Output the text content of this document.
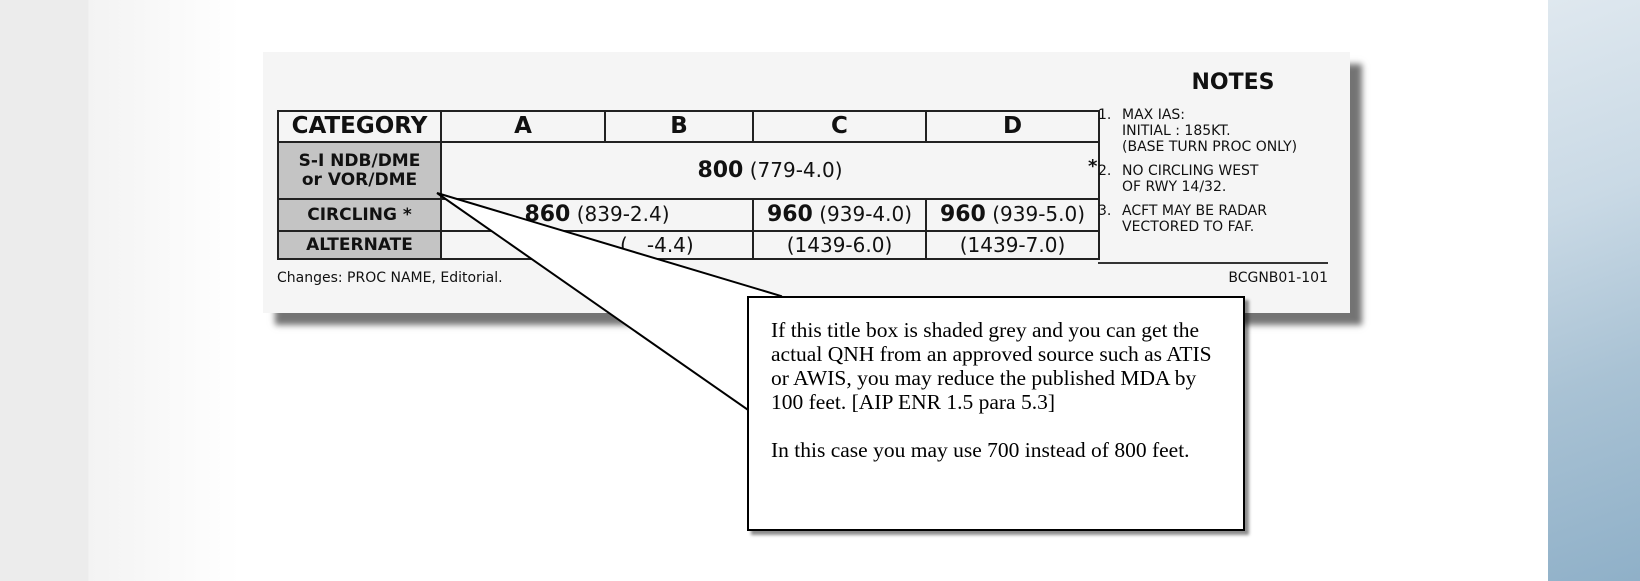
CATEGORY	A	B	C	D
S-I NDB/DME
or VOR/DME	800 (779-4.0)			
CIRCLING *	860 (839-2.4)		960 (939-4.0)	960 (939-5.0)
ALTERNATE	(   -4.4)		(1439-6.0)	(1439-7.0)
NOTES
1. MAX IAS:
INITIAL : 185KT.
(BASE TURN PROC ONLY)
* 2. NO CIRCLING WEST
OF RWY 14/32.
3. ACFT MAY BE RADAR
VECTORED TO FAF.
Changes: PROC NAME, Editorial.	BCGNB01-101

If this title box is shaded grey and you can get the actual QNH from an approved source such as ATIS or AWIS, you may reduce the published MDA by 100 feet. [AIP ENR 1.5 para 5.3]

In this case you may use 700 instead of 800 feet.
